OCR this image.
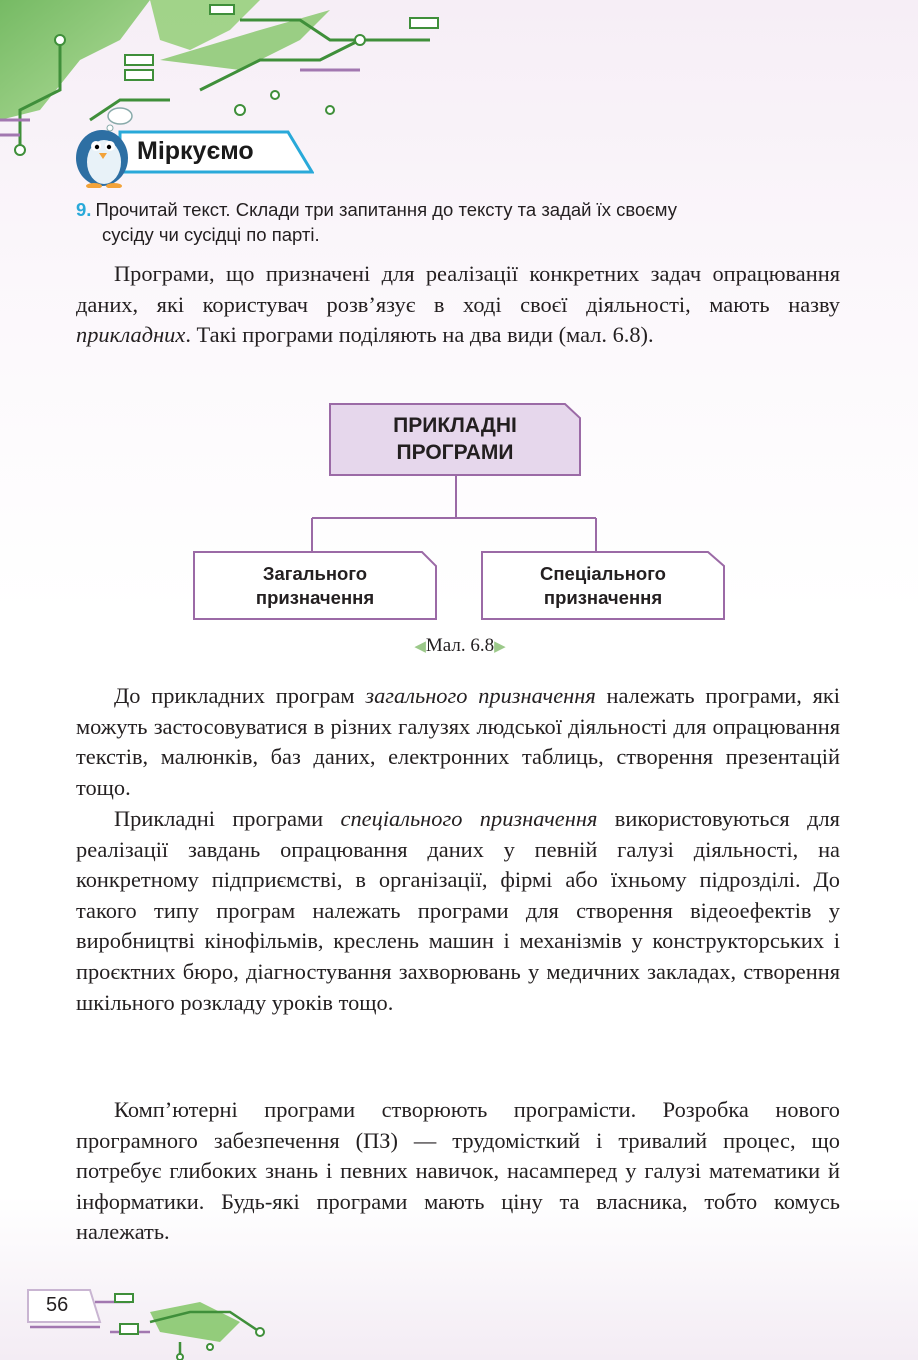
Міркуємо
9. Прочитай текст. Склади три запитання до тексту та задай їх своєму
сусіду чи сусідці по парті.

Програми, що призначені для реалізації конкретних задач опрацювання даних, які користувач розв’язує в ході своєї діяльності, мають назву прикладних. Такі програми поділяють на два види (мал. 6.8).

ПРИКЛАДНІ
ПРОГРАМИ
Загального
призначення
Спеціального
призначення
◀Мал. 6.8▶

До прикладних програм загального призначення належать програми, які можуть застосовуватися в різних галузях людської діяльності для опрацювання текстів, малюнків, баз даних, електронних таблиць, створення презентацій тощо.

Прикладні програми спеціального призначення використовуються для реалізації завдань опрацювання даних у певній галузі діяльності, на конкретному підприємстві, в організації, фірмі або їхньому підрозділі. До такого типу програм належать програми для створення відеоефектів у виробництві кінофільмів, креслень машин і механізмів у конструкторських і проєктних бюро, діагностування захворювань у медичних закладах, створення шкільного розкладу уроків тощо.

Комп’ютерні програми створюють програмісти. Розробка нового програмного забезпечення (ПЗ) — трудомісткий і тривалий процес, що потребує глибоких знань і певних навичок, насамперед у галузі математики й інформатики. Будь-які програми мають ціну та власника, тобто комусь належать.

56
